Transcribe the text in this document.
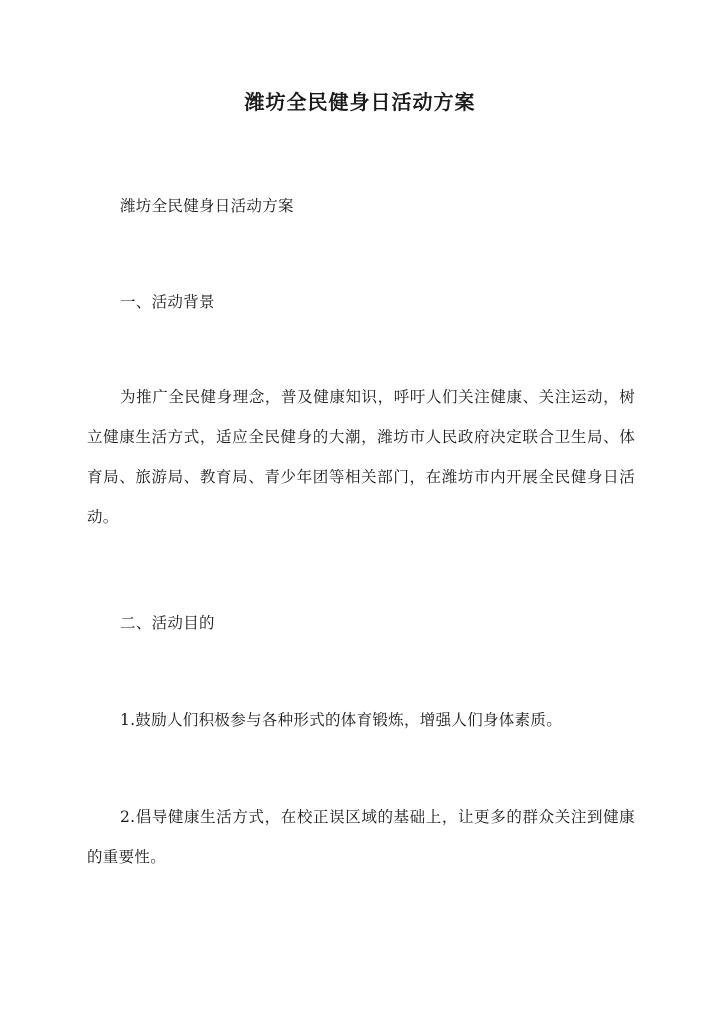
潍坊全民健身日活动方案

潍坊全民健身日活动方案

一、活动背景

为推广全民健身理念，普及健康知识，呼吁人们关注健康、关注运动，树立健康生活方式，适应全民健身的大潮，潍坊市人民政府决定联合卫生局、体育局、旅游局、教育局、青少年团等相关部门，在潍坊市内开展全民健身日活动。

二、活动目的

1.鼓励人们积极参与各种形式的体育锻炼，增强人们身体素质。

2.倡导健康生活方式，在校正误区域的基础上，让更多的群众关注到健康的重要性。
